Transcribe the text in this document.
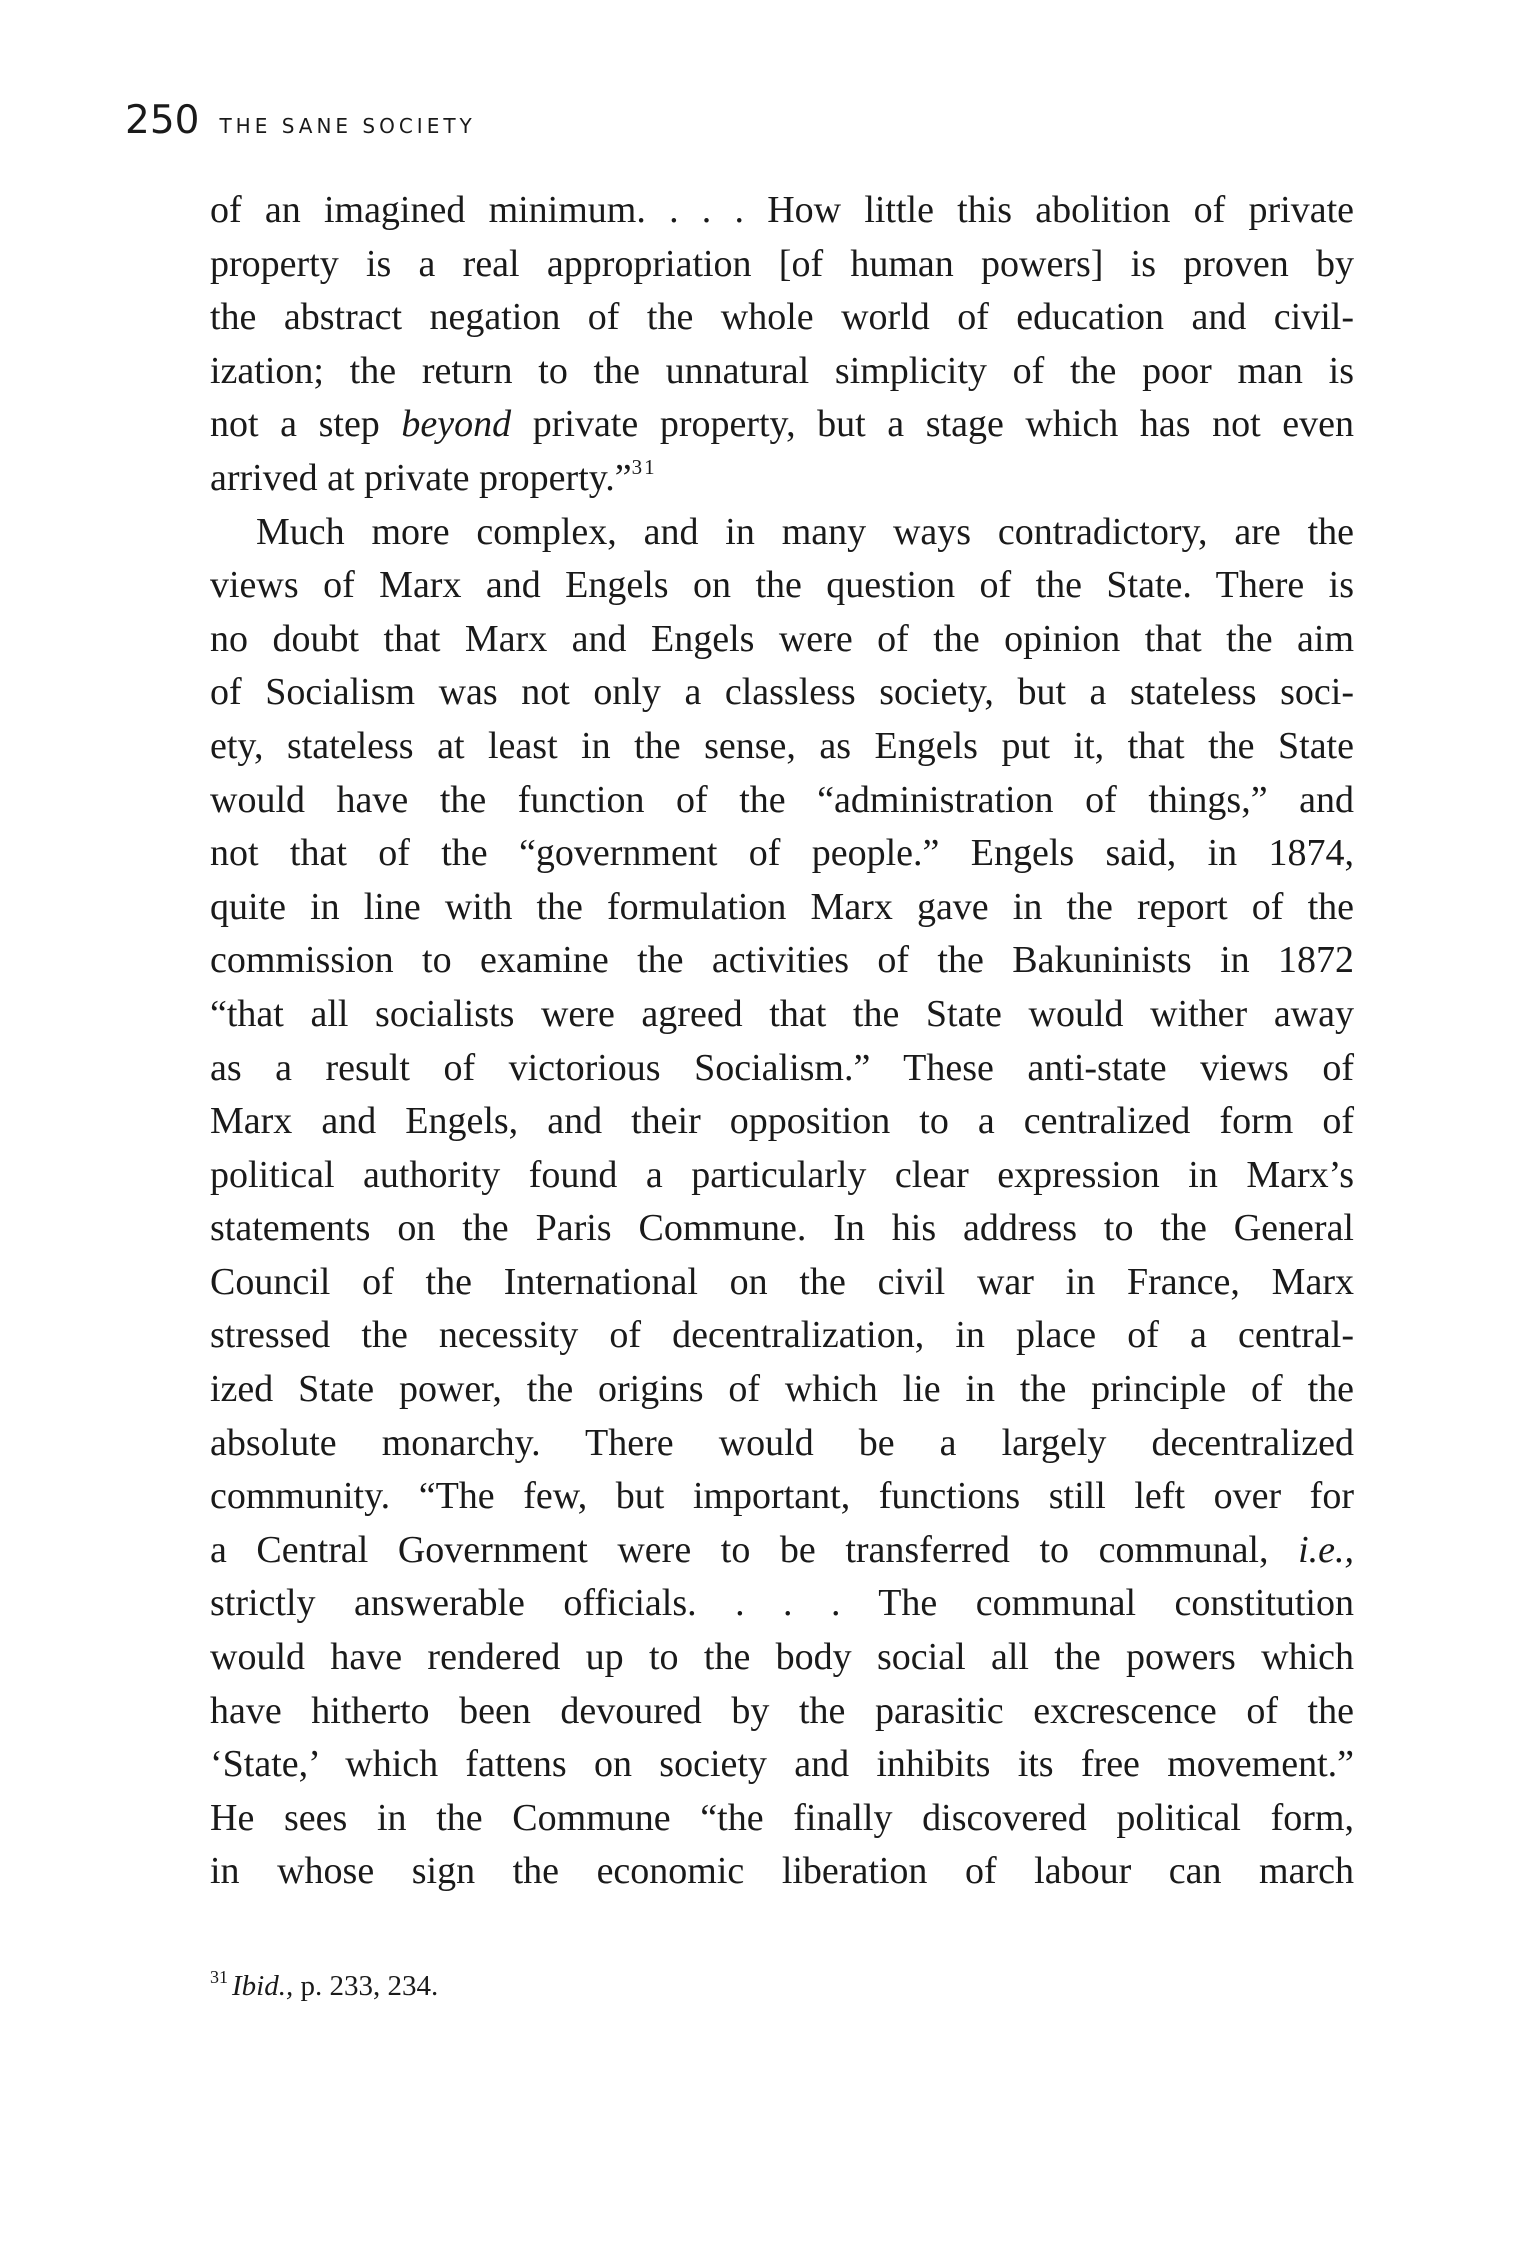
250 THE SANE SOCIETY
of an imagined minimum. . . . How little this abolition of private
property is a real appropriation [of human powers] is proven by
the abstract negation of the whole world of education and civil-
ization; the return to the unnatural simplicity of the poor man is
not a step beyond private property, but a stage which has not even
arrived at private property.”$^{31}$
Much more complex, and in many ways contradictory, are the
views of Marx and Engels on the question of the State. There is
no doubt that Marx and Engels were of the opinion that the aim
of Socialism was not only a classless society, but a stateless soci-
ety, stateless at least in the sense, as Engels put it, that the State
would have the function of the “administration of things,” and
not that of the “government of people.” Engels said, in 1874,
quite in line with the formulation Marx gave in the report of the
commission to examine the activities of the Bakuninists in 1872
“that all socialists were agreed that the State would wither away
as a result of victorious Socialism.” These anti-state views of
Marx and Engels, and their opposition to a centralized form of
political authority found a particularly clear expression in Marx’s
statements on the Paris Commune. In his address to the General
Council of the International on the civil war in France, Marx
stressed the necessity of decentralization, in place of a central-
ized State power, the origins of which lie in the principle of the
absolute monarchy. There would be a largely decentralized
community. “The few, but important, functions still left over for
a Central Government were to be transferred to communal, i.e.,
strictly answerable officials. . . . The communal constitution
would have rendered up to the body social all the powers which
have hitherto been devoured by the parasitic excrescence of the
‘State,’ which fattens on society and inhibits its free movement.”
He sees in the Commune “the finally discovered political form,
in whose sign the economic liberation of labour can march
$^{31}$ Ibid., p. 233, 234.
